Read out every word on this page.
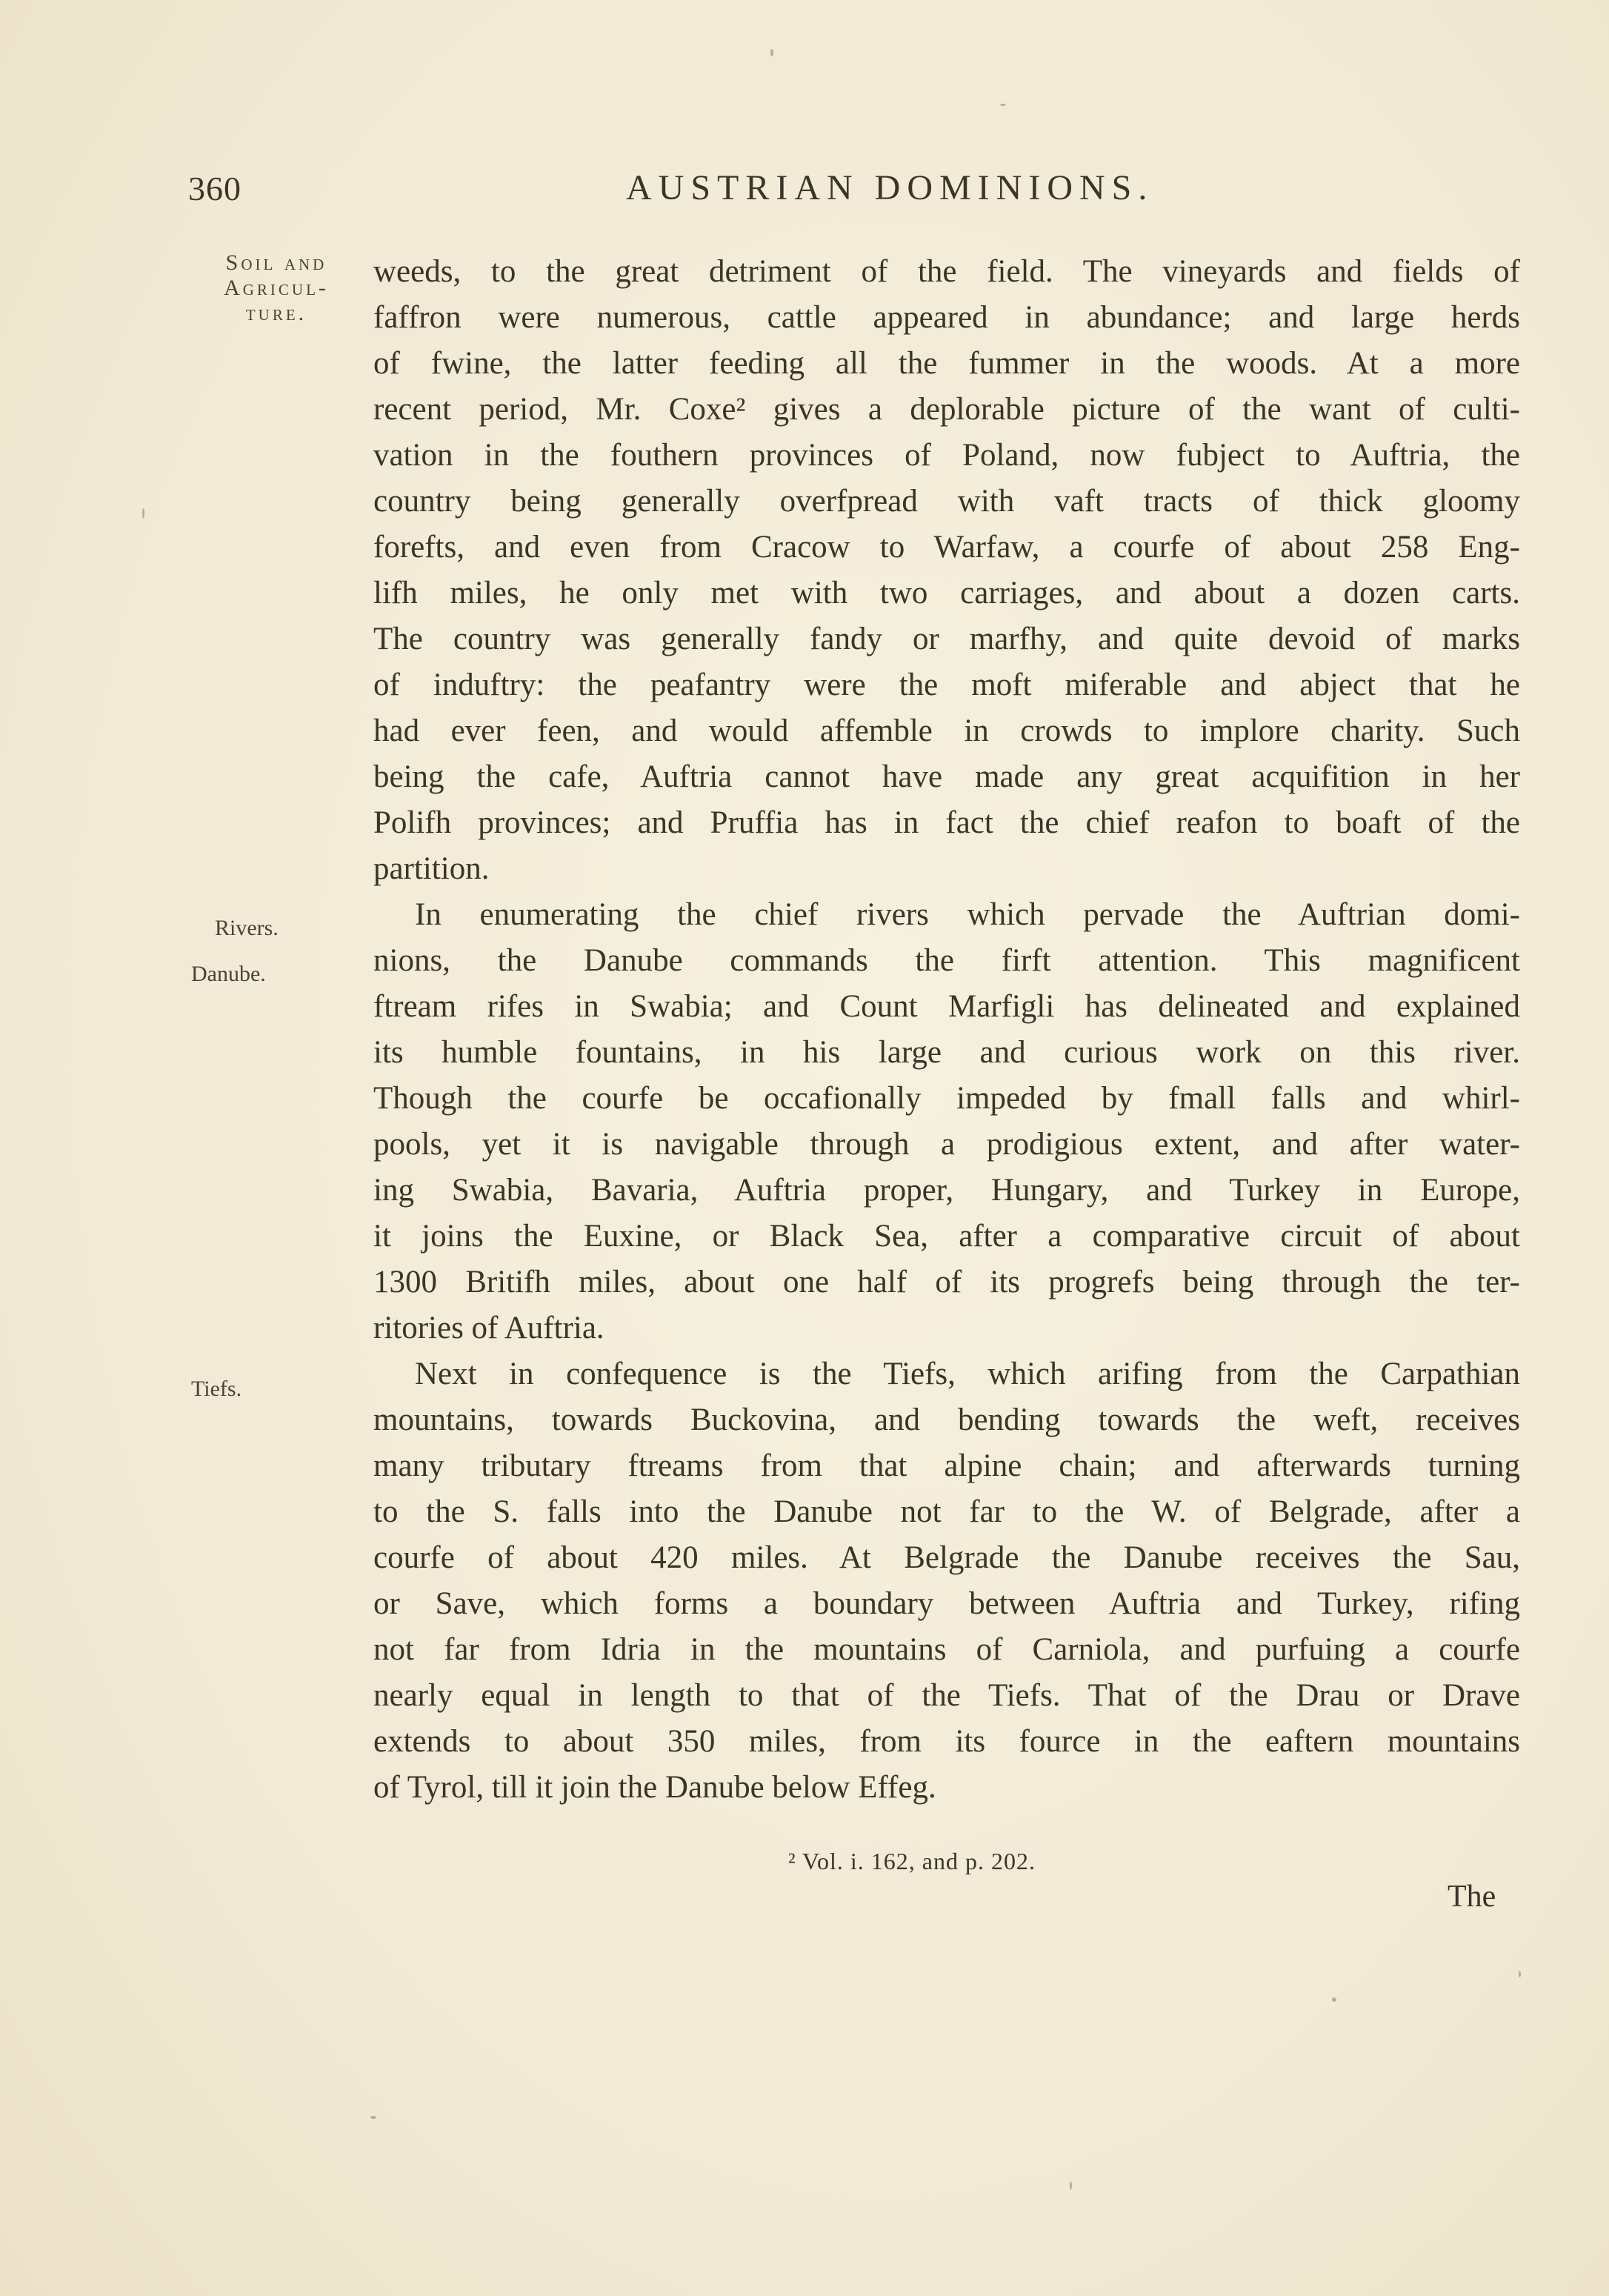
360	AUSTRIAN DOMINIONS.
Soil and
Agricul-
ture.
Rivers.
Danube.
Tiefs.
weeds, to the great detriment of the field. The vineyards and fields of
faffron were numerous, cattle appeared in abundance; and large herds
of fwine, the latter feeding all the fummer in the woods. At a more
recent period, Mr. Coxe² gives a deplorable picture of the want of culti-
vation in the fouthern provinces of Poland, now fubject to Auftria, the
country being generally overfpread with vaft tracts of thick gloomy
forefts, and even from Cracow to Warfaw, a courfe of about 258 Eng-
lifh miles, he only met with two carriages, and about a dozen carts.
The country was generally fandy or marfhy, and quite devoid of marks
of induftry: the peafantry were the moft miferable and abject that he
had ever feen, and would affemble in crowds to implore charity. Such
being the cafe, Auftria cannot have made any great acquifition in her
Polifh provinces; and Pruffia has in fact the chief reafon to boaft of the
partition.
In enumerating the chief rivers which pervade the Auftrian domi-
nions, the Danube commands the firft attention. This magnificent
ftream rifes in Swabia; and Count Marfigli has delineated and explained
its humble fountains, in his large and curious work on this river.
Though the courfe be occafionally impeded by fmall falls and whirl-
pools, yet it is navigable through a prodigious extent, and after water-
ing Swabia, Bavaria, Auftria proper, Hungary, and Turkey in Europe,
it joins the Euxine, or Black Sea, after a comparative circuit of about
1300 Britifh miles, about one half of its progrefs being through the ter-
ritories of Auftria.
Next in confequence is the Tiefs, which arifing from the Carpathian
mountains, towards Buckovina, and bending towards the weft, receives
many tributary ftreams from that alpine chain; and afterwards turning
to the S. falls into the Danube not far to the W. of Belgrade, after a
courfe of about 420 miles. At Belgrade the Danube receives the Sau,
or Save, which forms a boundary between Auftria and Turkey, rifing
not far from Idria in the mountains of Carniola, and purfuing a courfe
nearly equal in length to that of the Tiefs. That of the Drau or Drave
extends to about 350 miles, from its fource in the eaftern mountains
of Tyrol, till it join the Danube below Effeg.
² Vol. i. 162, and p. 202.
The
